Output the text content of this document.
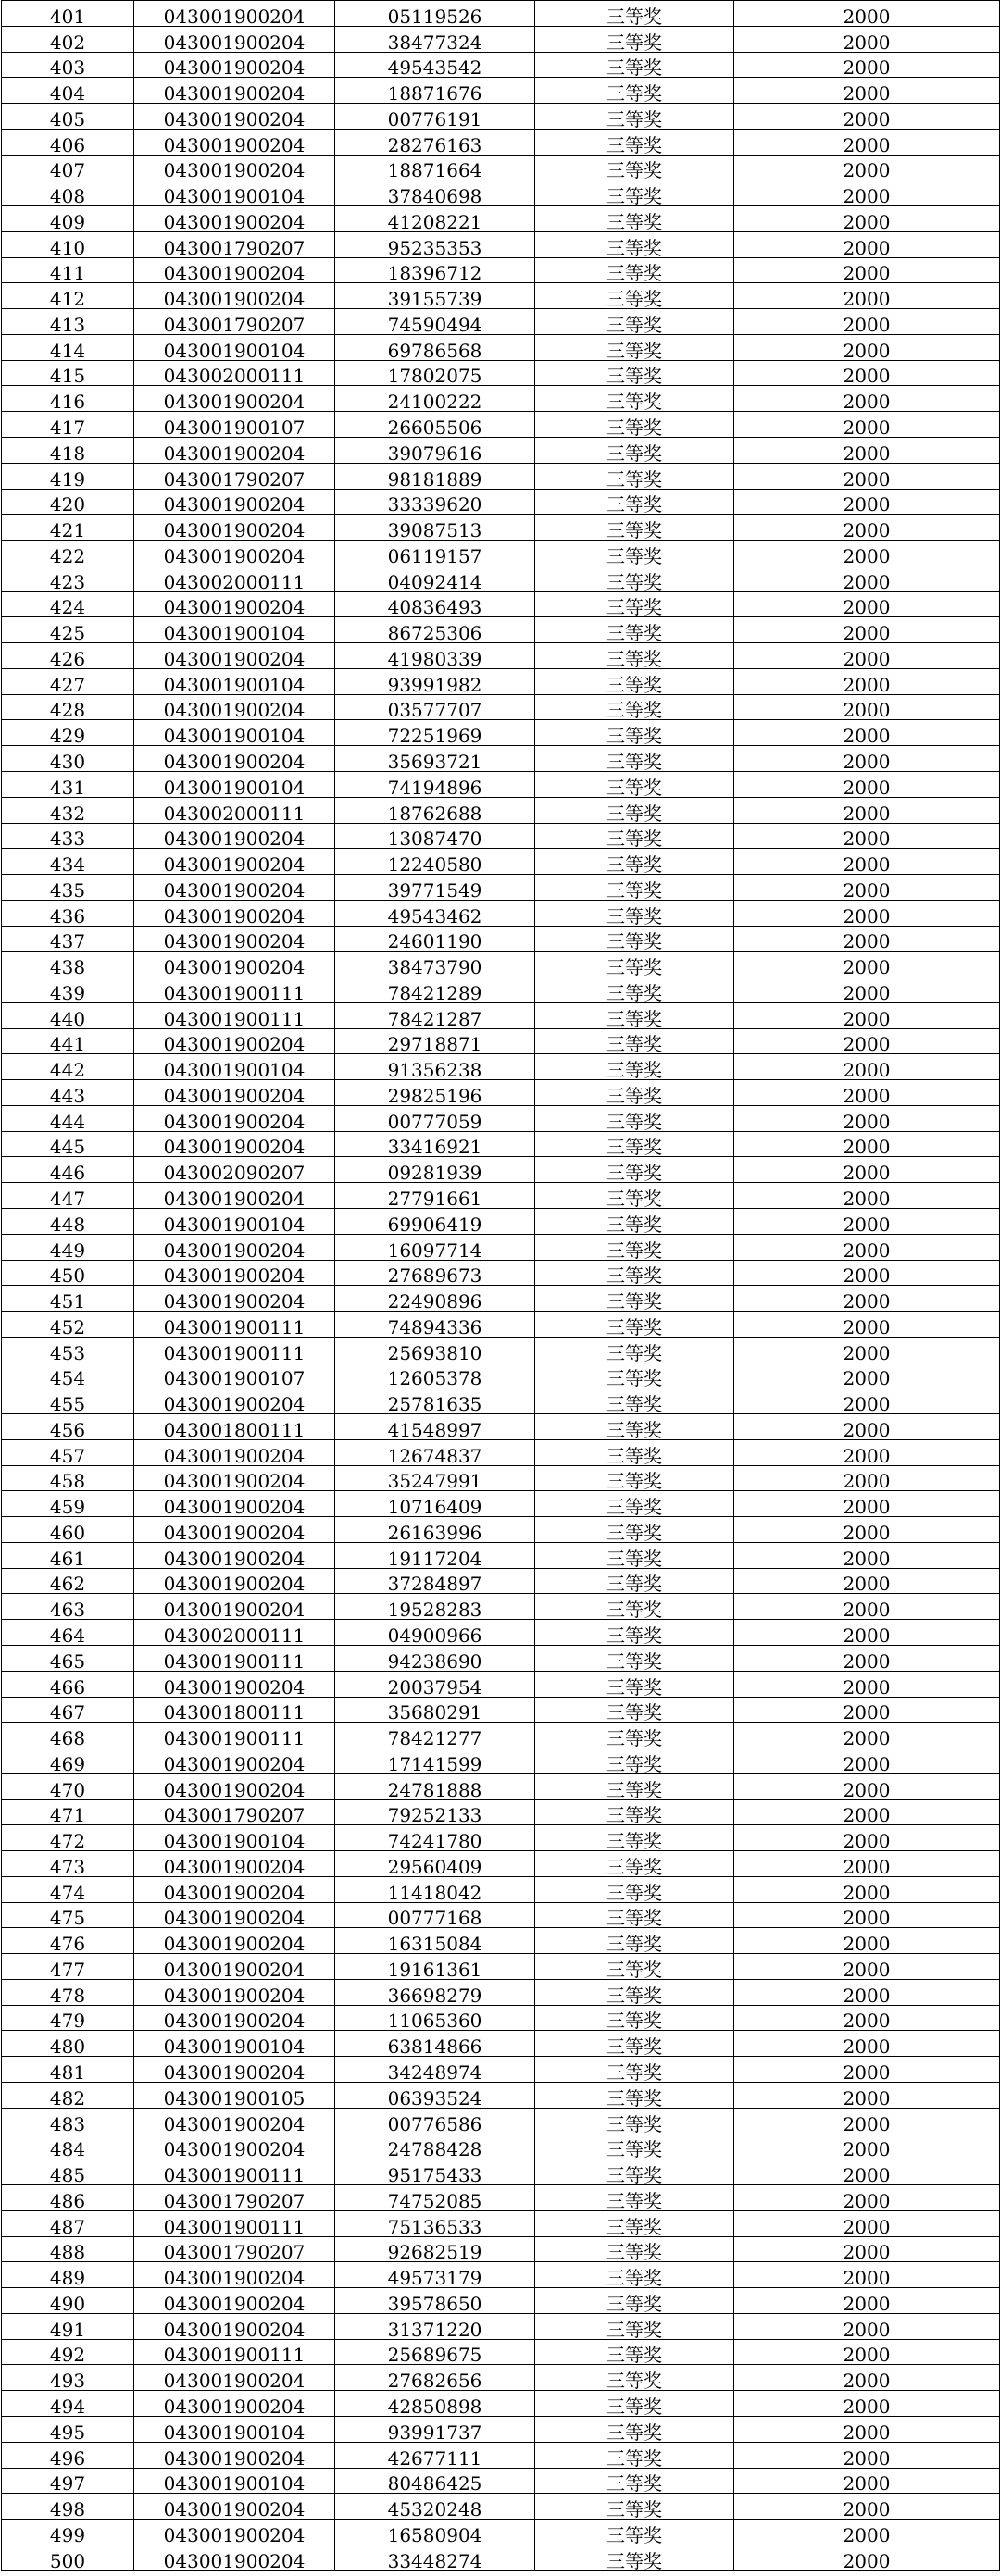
401	043001900204	05119526	三等奖	2000
402	043001900204	38477324	三等奖	2000
403	043001900204	49543542	三等奖	2000
404	043001900204	18871676	三等奖	2000
405	043001900204	00776191	三等奖	2000
406	043001900204	28276163	三等奖	2000
407	043001900204	18871664	三等奖	2000
408	043001900104	37840698	三等奖	2000
409	043001900204	41208221	三等奖	2000
410	043001790207	95235353	三等奖	2000
411	043001900204	18396712	三等奖	2000
412	043001900204	39155739	三等奖	2000
413	043001790207	74590494	三等奖	2000
414	043001900104	69786568	三等奖	2000
415	043002000111	17802075	三等奖	2000
416	043001900204	24100222	三等奖	2000
417	043001900107	26605506	三等奖	2000
418	043001900204	39079616	三等奖	2000
419	043001790207	98181889	三等奖	2000
420	043001900204	33339620	三等奖	2000
421	043001900204	39087513	三等奖	2000
422	043001900204	06119157	三等奖	2000
423	043002000111	04092414	三等奖	2000
424	043001900204	40836493	三等奖	2000
425	043001900104	86725306	三等奖	2000
426	043001900204	41980339	三等奖	2000
427	043001900104	93991982	三等奖	2000
428	043001900204	03577707	三等奖	2000
429	043001900104	72251969	三等奖	2000
430	043001900204	35693721	三等奖	2000
431	043001900104	74194896	三等奖	2000
432	043002000111	18762688	三等奖	2000
433	043001900204	13087470	三等奖	2000
434	043001900204	12240580	三等奖	2000
435	043001900204	39771549	三等奖	2000
436	043001900204	49543462	三等奖	2000
437	043001900204	24601190	三等奖	2000
438	043001900204	38473790	三等奖	2000
439	043001900111	78421289	三等奖	2000
440	043001900111	78421287	三等奖	2000
441	043001900204	29718871	三等奖	2000
442	043001900104	91356238	三等奖	2000
443	043001900204	29825196	三等奖	2000
444	043001900204	00777059	三等奖	2000
445	043001900204	33416921	三等奖	2000
446	043002090207	09281939	三等奖	2000
447	043001900204	27791661	三等奖	2000
448	043001900104	69906419	三等奖	2000
449	043001900204	16097714	三等奖	2000
450	043001900204	27689673	三等奖	2000
451	043001900204	22490896	三等奖	2000
452	043001900111	74894336	三等奖	2000
453	043001900111	25693810	三等奖	2000
454	043001900107	12605378	三等奖	2000
455	043001900204	25781635	三等奖	2000
456	043001800111	41548997	三等奖	2000
457	043001900204	12674837	三等奖	2000
458	043001900204	35247991	三等奖	2000
459	043001900204	10716409	三等奖	2000
460	043001900204	26163996	三等奖	2000
461	043001900204	19117204	三等奖	2000
462	043001900204	37284897	三等奖	2000
463	043001900204	19528283	三等奖	2000
464	043002000111	04900966	三等奖	2000
465	043001900111	94238690	三等奖	2000
466	043001900204	20037954	三等奖	2000
467	043001800111	35680291	三等奖	2000
468	043001900111	78421277	三等奖	2000
469	043001900204	17141599	三等奖	2000
470	043001900204	24781888	三等奖	2000
471	043001790207	79252133	三等奖	2000
472	043001900104	74241780	三等奖	2000
473	043001900204	29560409	三等奖	2000
474	043001900204	11418042	三等奖	2000
475	043001900204	00777168	三等奖	2000
476	043001900204	16315084	三等奖	2000
477	043001900204	19161361	三等奖	2000
478	043001900204	36698279	三等奖	2000
479	043001900204	11065360	三等奖	2000
480	043001900104	63814866	三等奖	2000
481	043001900204	34248974	三等奖	2000
482	043001900105	06393524	三等奖	2000
483	043001900204	00776586	三等奖	2000
484	043001900204	24788428	三等奖	2000
485	043001900111	95175433	三等奖	2000
486	043001790207	74752085	三等奖	2000
487	043001900111	75136533	三等奖	2000
488	043001790207	92682519	三等奖	2000
489	043001900204	49573179	三等奖	2000
490	043001900204	39578650	三等奖	2000
491	043001900204	31371220	三等奖	2000
492	043001900111	25689675	三等奖	2000
493	043001900204	27682656	三等奖	2000
494	043001900204	42850898	三等奖	2000
495	043001900104	93991737	三等奖	2000
496	043001900204	42677111	三等奖	2000
497	043001900104	80486425	三等奖	2000
498	043001900204	45320248	三等奖	2000
499	043001900204	16580904	三等奖	2000
500	043001900204	33448274	三等奖	2000
